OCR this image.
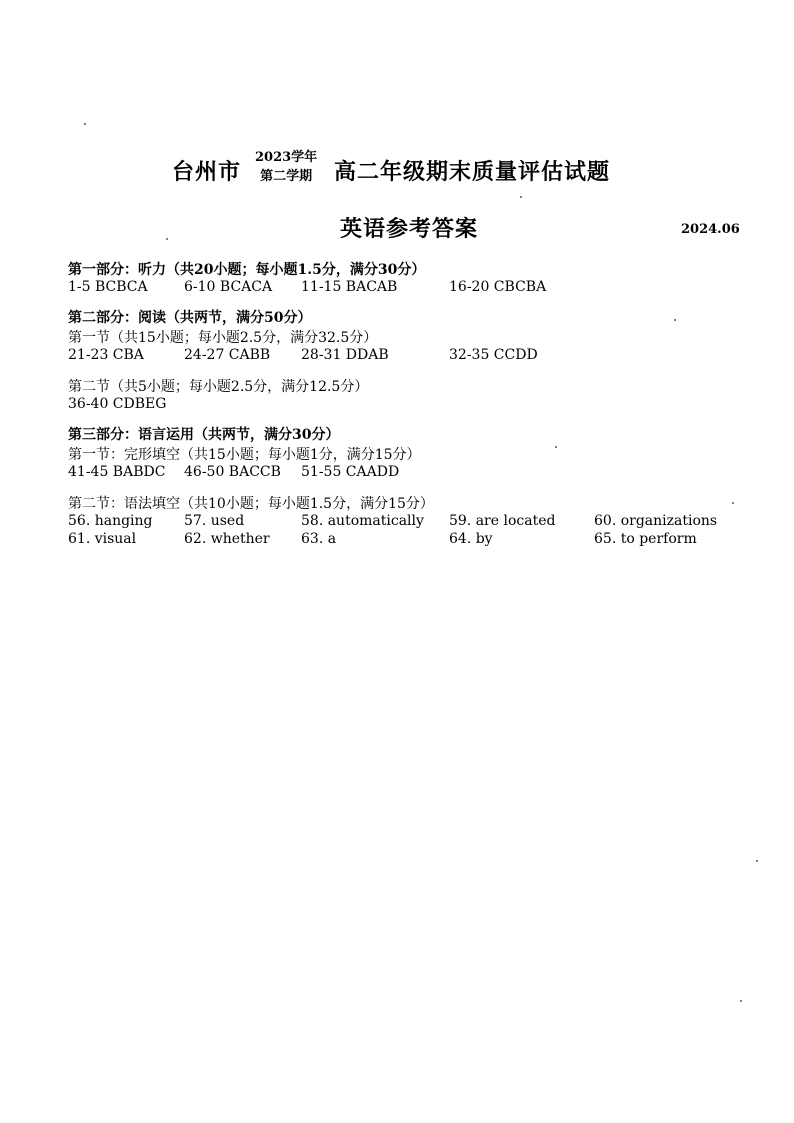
台州市
2023学年
第二学期 高二年级期末质量评估试题
英语参考答案	2024.06
第一部分：听力（共20小题；每小题1.5分，满分30分）
1-5 BCBCA	6-10 BCACA 11-15 BACAB	16-20 CBCBA
第二部分：阅读（共两节，满分50分）
第一节（共15小题；每小题2.5分，满分32.5分）
21-23 CBA	24-27 CABB 28-31 DDAB	32-35 CCDD
第二节（共5小题；每小题2.5分，满分12.5分）
36-40 CDBEG
第三部分：语言运用（共两节，满分30分）
第一节：完形填空（共15小题；每小题1分，满分15分）
41-45 BABDC 46-50 BACCB 51-55 CAADD
第二节：语法填空（共10小题；每小题1.5分，满分15分）
56. hanging 57. used	58. automatically 59. are located	60. organizations
61. visual	62. whether 63. a	64. by	65. to perform
